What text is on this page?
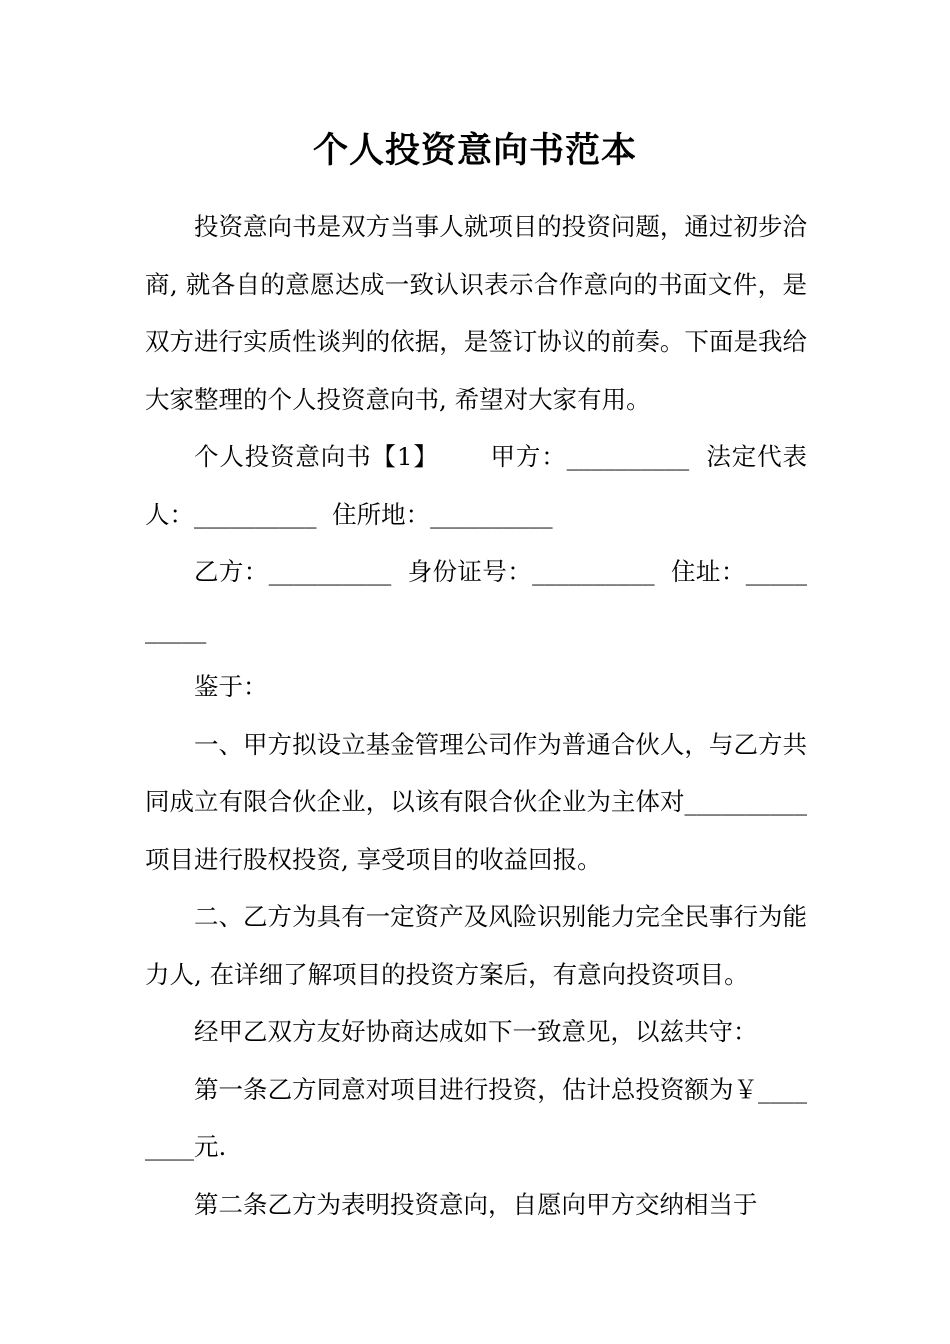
个人投资意向书范本

投资意向书是双方当事人就项目的投资问题，通过初步洽商, 就各自的意愿达成一致认识表示合作意向的书面文件，是双方进行实质性谈判的依据，是签订协议的前奏。下面是我给大家整理的个人投资意向书, 希望对大家有用。

个人投资意向书【1】      甲方：__________  法定代表人：__________  住所地：__________

乙方：__________  身份证号：__________  住址：__________

鉴于：

一、甲方拟设立基金管理公司作为普通合伙人，与乙方共同成立有限合伙企业，以该有限合伙企业为主体对__________项目进行股权投资, 享受项目的收益回报。

二、乙方为具有一定资产及风险识别能力完全民事行为能力人, 在详细了解项目的投资方案后，有意向投资项目。

经甲乙双方友好协商达成如下一致意见，以兹共守：

第一条乙方同意对项目进行投资，估计总投资额为￥________元.

第二条乙方为表明投资意向，自愿向甲方交纳相当于
